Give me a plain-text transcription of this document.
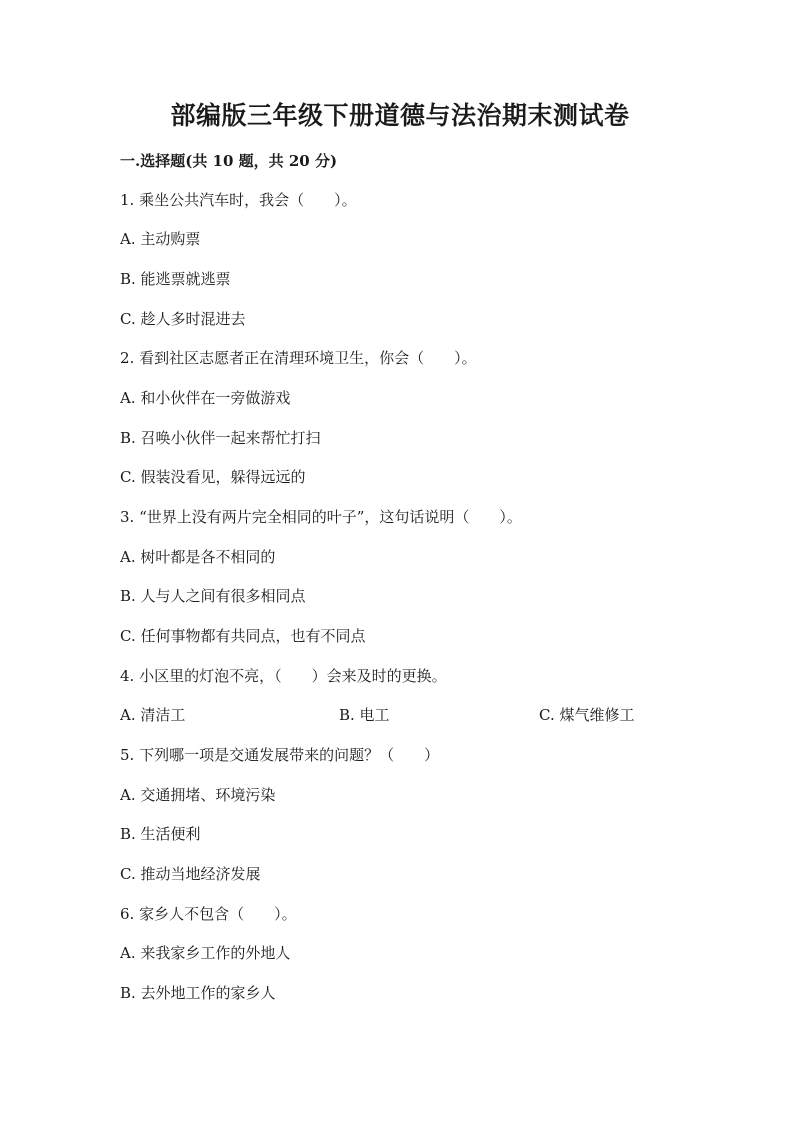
部编版三年级下册道德与法治期末测试卷
一.选择题(共 10 题，共 20 分)
1. 乘坐公共汽车时，我会（　　）。
A. 主动购票
B. 能逃票就逃票
C. 趁人多时混进去
2. 看到社区志愿者正在清理环境卫生，你会（　　）。
A. 和小伙伴在一旁做游戏
B. 召唤小伙伴一起来帮忙打扫
C. 假装没看见，躲得远远的
3. “世界上没有两片完全相同的叶子”，这句话说明（　　）。
A. 树叶都是各不相同的
B. 人与人之间有很多相同点
C. 任何事物都有共同点，也有不同点
4. 小区里的灯泡不亮，（　　）会来及时的更换。
A. 清洁工	B. 电工	C. 煤气维修工
5. 下列哪一项是交通发展带来的问题？（　　）
A. 交通拥堵、环境污染
B. 生活便利
C. 推动当地经济发展
6. 家乡人不包含（　　）。
A. 来我家乡工作的外地人
B. 去外地工作的家乡人
